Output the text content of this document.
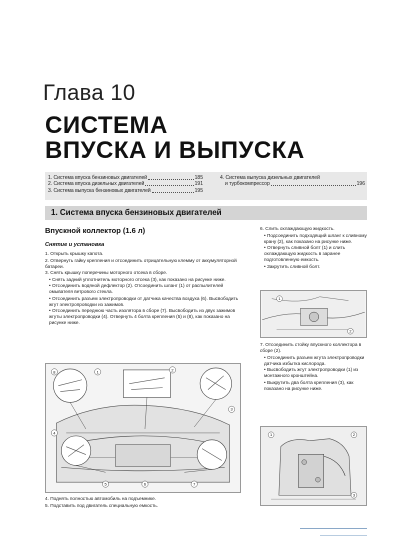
Глава 10
СИСТЕМА
ВПУСКА И ВЫПУСКА
1. Система впуска бензиновых двигателей	185
2. Система впуска дизельных двигателей	191
3. Система выпуска бензиновых двигателей	195
4. Система выпуска дизельных двигателей
и турбокомпрессор	196
1. Система впуска бензиновых двигателей
Впускной коллектор (1.6 л)
Снятие и установка
1. Открыть крышку капота.
2. Отвернуть гайку крепления и отсоединить отрицательную клемму от аккумуляторной батареи.
3. Снять крышку поперечины моторного отсека в сборе.
• Снять задний уплотнитель моторного отсека (3), как показано на рисунке ниже.
• Отсоединить водяной дефлектор (2). Отсоединить шланг (1) от распылителей омывателя ветрового стекла.
• Отсоединить разъем электропроводки от датчика качества воздуха (6). Высвободить жгут электропроводки из зажимов.
• Отсоединить переднюю часть изолятора в сборе (7). Высвободить из двух зажимов жгуты электропроводки (4). Отвернуть 4 болта крепления (5) и (8), как показано на рисунке ниже.
8	1	2
3
4
5	6	7
4. Поднять полностью автомобиль на подъемнике.
5. Подставить под двигатель специальную емкость.
6. Слить охлаждающую жидкость.
• Подсоединить подходящий шланг к сливному крану (2), как показано на рисунке ниже.
• Отвернуть сливной болт (1) и слить охлаждающую жидкость в заранее подготовленную емкость.
• Закрутить сливной болт.
1
2
7. Отсоединить стойку впускного коллектора в сборе (2).
• Отсоединить разъем жгута электропроводки датчика избытка кислорода.
• Высвободить жгут электропроводки (1) из монтажного кронштейна.
• Выкрутить два болта крепления (3), как показано на рисунке ниже.
1	2
3
